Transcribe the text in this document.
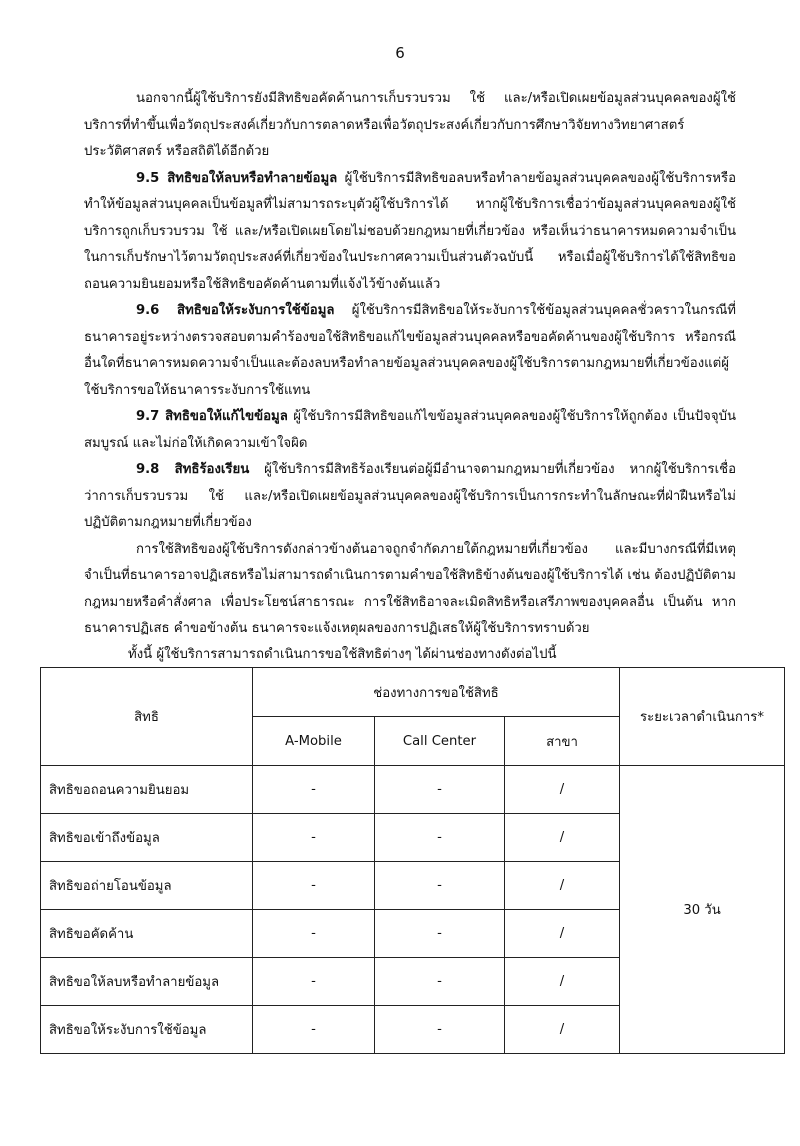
6

นอกจากนี้ผู้ใช้บริการยังมีสิทธิขอคัดค้านการเก็บรวบรวม ใช้ และ/หรือเปิดเผยข้อมูลส่วนบุคคลของผู้ใช้บริการที่ทำขึ้นเพื่อวัตถุประสงค์เกี่ยวกับการตลาดหรือเพื่อวัตถุประสงค์เกี่ยวกับการศึกษาวิจัยทางวิทยาศาสตร์ ประวัติศาสตร์ หรือสถิติได้อีกด้วย

9.5 สิทธิขอให้ลบหรือทำลายข้อมูล ผู้ใช้บริการมีสิทธิขอลบหรือทำลายข้อมูลส่วนบุคคลของผู้ใช้บริการหรือทำให้ข้อมูลส่วนบุคคลเป็นข้อมูลที่ไม่สามารถระบุตัวผู้ใช้บริการได้ หากผู้ใช้บริการเชื่อว่าข้อมูลส่วนบุคคลของผู้ใช้บริการถูกเก็บรวบรวม ใช้ และ/หรือเปิดเผยโดยไม่ชอบด้วยกฎหมายที่เกี่ยวข้อง หรือเห็นว่าธนาคารหมดความจำเป็นในการเก็บรักษาไว้ตามวัตถุประสงค์ที่เกี่ยวข้องในประกาศความเป็นส่วนตัวฉบับนี้ หรือเมื่อผู้ใช้บริการได้ใช้สิทธิขอถอนความยินยอมหรือใช้สิทธิขอคัดค้านตามที่แจ้งไว้ข้างต้นแล้ว

9.6 สิทธิขอให้ระงับการใช้ข้อมูล ผู้ใช้บริการมีสิทธิขอให้ระงับการใช้ข้อมูลส่วนบุคคลชั่วคราวในกรณีที่ธนาคารอยู่ระหว่างตรวจสอบตามคำร้องขอใช้สิทธิขอแก้ไขข้อมูลส่วนบุคคลหรือขอคัดค้านของผู้ใช้บริการ หรือกรณีอื่นใดที่ธนาคารหมดความจำเป็นและต้องลบหรือทำลายข้อมูลส่วนบุคคลของผู้ใช้บริการตามกฎหมายที่เกี่ยวข้องแต่ผู้ใช้บริการขอให้ธนาคารระงับการใช้แทน

9.7 สิทธิขอให้แก้ไขข้อมูล ผู้ใช้บริการมีสิทธิขอแก้ไขข้อมูลส่วนบุคคลของผู้ใช้บริการให้ถูกต้อง เป็นปัจจุบัน สมบูรณ์ และไม่ก่อให้เกิดความเข้าใจผิด

9.8 สิทธิร้องเรียน ผู้ใช้บริการมีสิทธิร้องเรียนต่อผู้มีอำนาจตามกฎหมายที่เกี่ยวข้อง หากผู้ใช้บริการเชื่อว่าการเก็บรวบรวม ใช้ และ/หรือเปิดเผยข้อมูลส่วนบุคคลของผู้ใช้บริการเป็นการกระทำในลักษณะที่ฝ่าฝืนหรือไม่ปฏิบัติตามกฎหมายที่เกี่ยวข้อง

การใช้สิทธิของผู้ใช้บริการดังกล่าวข้างต้นอาจถูกจำกัดภายใต้กฎหมายที่เกี่ยวข้อง และมีบางกรณีที่มีเหตุจำเป็นที่ธนาคารอาจปฏิเสธหรือไม่สามารถดำเนินการตามคำขอใช้สิทธิข้างต้นของผู้ใช้บริการได้ เช่น ต้องปฏิบัติตามกฎหมายหรือคำสั่งศาล เพื่อประโยชน์สาธารณะ การใช้สิทธิอาจละเมิดสิทธิหรือเสรีภาพของบุคคลอื่น เป็นต้น หากธนาคารปฏิเสธ คำขอข้างต้น ธนาคารจะแจ้งเหตุผลของการปฏิเสธให้ผู้ใช้บริการทราบด้วย

ทั้งนี้ ผู้ใช้บริการสามารถดำเนินการขอใช้สิทธิต่างๆ ได้ผ่านช่องทางดังต่อไปนี้
สิทธิ	ช่องทางการขอใช้สิทธิ			ระยะเวลาดำเนินการ*
	A-Mobile	Call Center	สาขา	
สิทธิขอถอนความยินยอม	-	-	/	30 วัน
สิทธิขอเข้าถึงข้อมูล	-	-	/	
สิทธิขอถ่ายโอนข้อมูล	-	-	/	
สิทธิขอคัดค้าน	-	-	/	
สิทธิขอให้ลบหรือทำลายข้อมูล	-	-	/	
สิทธิขอให้ระงับการใช้ข้อมูล	-	-	/	
